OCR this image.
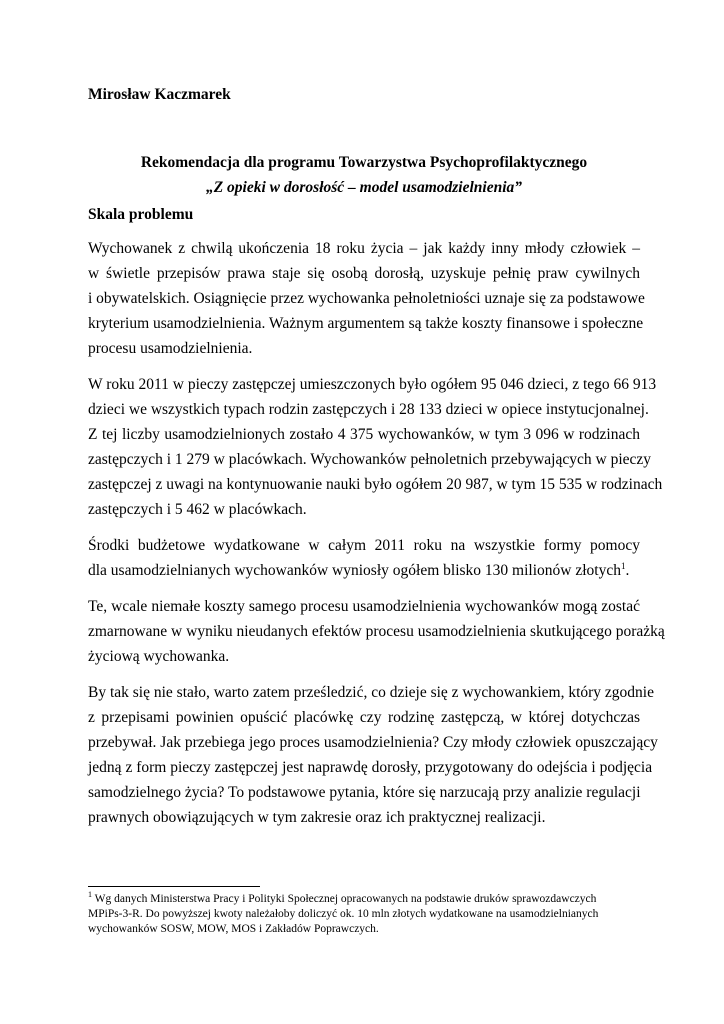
Mirosław Kaczmarek
Rekomendacja dla programu Towarzystwa Psychoprofilaktycznego
„Z opieki w dorosłość – model usamodzielnienia”
Skala problemu

Wychowanek z chwilą ukończenia 18 roku życia – jak każdy inny młody człowiek –
w świetle przepisów prawa staje się osobą dorosłą, uzyskuje pełnię praw cywilnych
i obywatelskich. Osiągnięcie przez wychowanka pełnoletniości uznaje się za podstawowe
kryterium usamodzielnienia. Ważnym argumentem są także koszty finansowe i społeczne
procesu usamodzielnienia.

W roku 2011 w pieczy zastępczej umieszczonych było ogółem 95 046 dzieci, z tego 66 913
dzieci we wszystkich typach rodzin zastępczych i 28 133 dzieci w opiece instytucjonalnej.
Z tej liczby usamodzielnionych zostało 4 375 wychowanków, w tym 3 096 w rodzinach
zastępczych i 1 279 w placówkach. Wychowanków pełnoletnich przebywających w pieczy
zastępczej z uwagi na kontynuowanie nauki było ogółem 20 987, w tym 15 535 w rodzinach
zastępczych i 5 462 w placówkach.

Środki budżetowe wydatkowane w całym 2011 roku na wszystkie formy pomocy
dla usamodzielnianych wychowanków wyniosły ogółem blisko 130 milionów złotych$^1$.

Te, wcale niemałe koszty samego procesu usamodzielnienia wychowanków mogą zostać
zmarnowane w wyniku nieudanych efektów procesu usamodzielnienia skutkującego porażką
życiową wychowanka.

By tak się nie stało, warto zatem prześledzić, co dzieje się z wychowankiem, który zgodnie
z przepisami powinien opuścić placówkę czy rodzinę zastępczą, w której dotychczas
przebywał. Jak przebiega jego proces usamodzielnienia? Czy młody człowiek opuszczający
jedną z form pieczy zastępczej jest naprawdę dorosły, przygotowany do odejścia i podjęcia
samodzielnego życia? To podstawowe pytania, które się narzucają przy analizie regulacji
prawnych obowiązujących w tym zakresie oraz ich praktycznej realizacji.

$^1$ Wg danych Ministerstwa Pracy i Polityki Społecznej opracowanych na podstawie druków sprawozdawczych
MPiPs-3-R. Do powyższej kwoty należałoby doliczyć ok. 10 mln złotych wydatkowane na usamodzielnianych
wychowanków SOSW, MOW, MOS i Zakładów Poprawczych.
